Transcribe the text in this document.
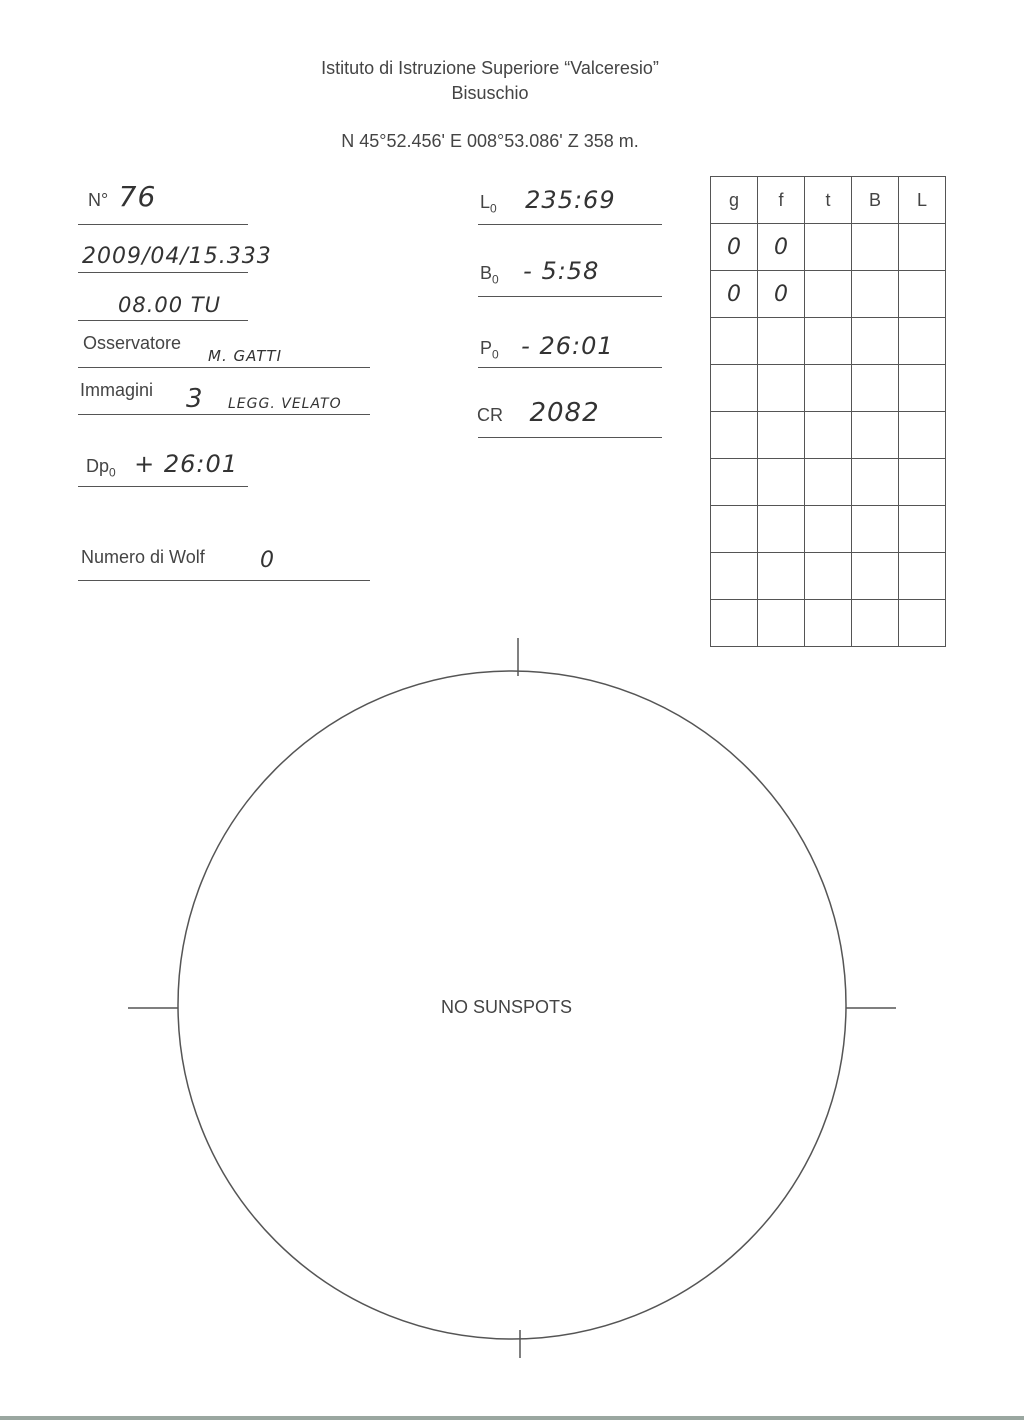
Istituto di Istruzione Superiore “Valceresio”
Bisuschio
N 45°52.456' E 008°53.086' Z 358 m.
N° 76
2009/04/15.333
08.00 TU
Osservatore
M. GATTI
Immagini 3 LEGG. VELATO
$Dp_0$ + 26:01
Numero di Wolf	0
$L_0$ 235:69
$B_0$ - 5:58
$P_0$ - 26:01
CR 2082
g	f	t	B	L
0	0			
0	0			

NO SUNSPOTS
